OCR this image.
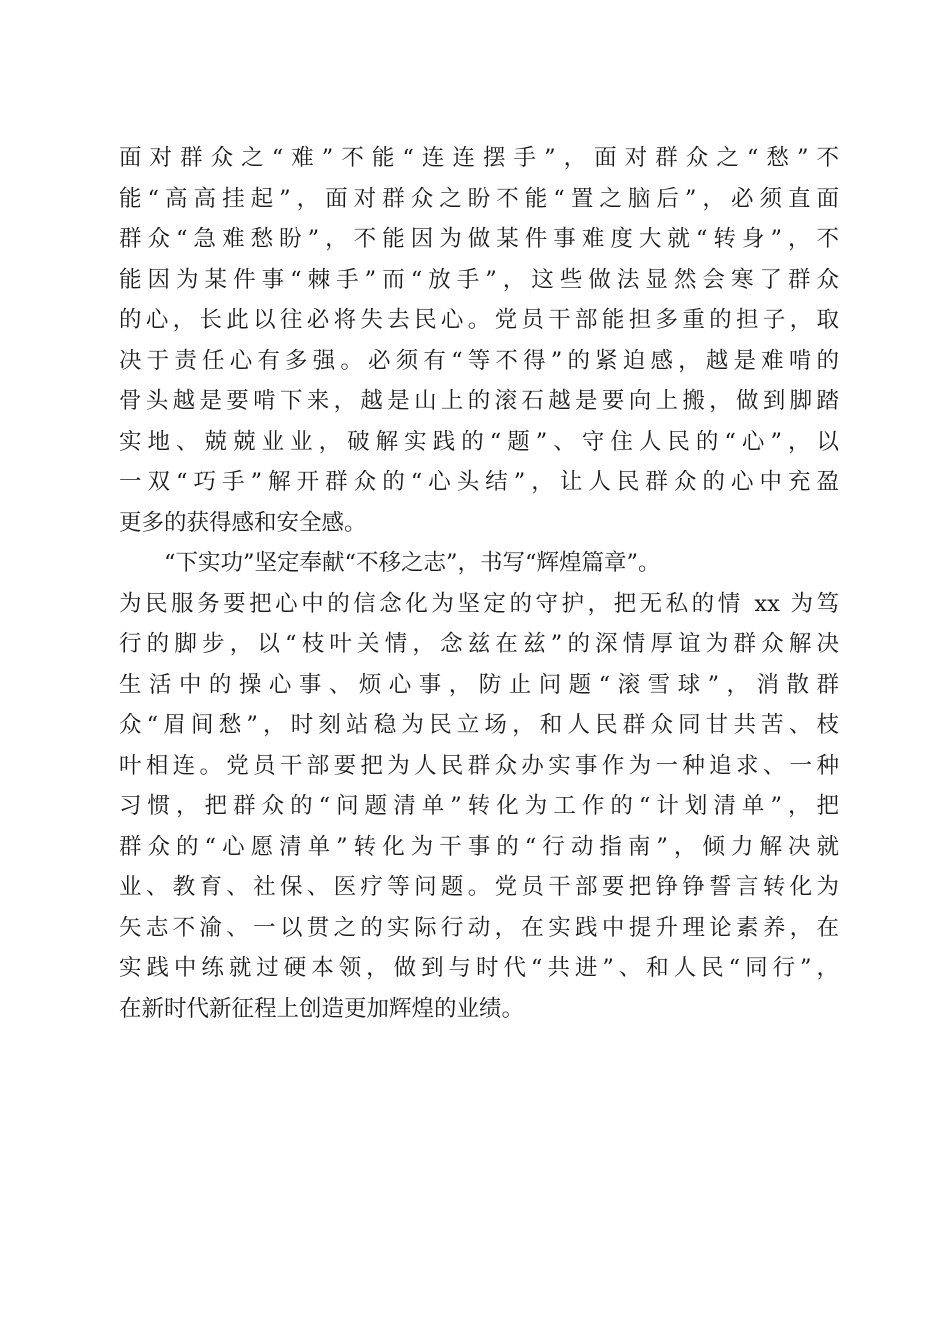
面对群众之“难”不能“连连摆手”，面对群众之“愁”不
能“高高挂起”，面对群众之盼不能“置之脑后”，必须直面
群众“急难愁盼”，不能因为做某件事难度大就“转身”，不
能因为某件事“棘手”而“放手”，这些做法显然会寒了群众
的心，长此以往必将失去民心。党员干部能担多重的担子，取
决于责任心有多强。必须有“等不得”的紧迫感，越是难啃的
骨头越是要啃下来，越是山上的滚石越是要向上搬，做到脚踏
实地、兢兢业业，破解实践的“题”、守住人民的“心”，以
一双“巧手”解开群众的“心头结”，让人民群众的心中充盈
更多的获得感和安全感。
“下实功”坚定奉献“不移之志”，书写“辉煌篇章”。
为民服务要把心中的信念化为坚定的守护，把无私的情 xx 为笃
行的脚步，以“枝叶关情，念兹在兹”的深情厚谊为群众解决
生活中的操心事、烦心事，防止问题“滚雪球”，消散群
众“眉间愁”，时刻站稳为民立场，和人民群众同甘共苦、枝
叶相连。党员干部要把为人民群众办实事作为一种追求、一种
习惯，把群众的“问题清单”转化为工作的“计划清单”，把
群众的“心愿清单”转化为干事的“行动指南”，倾力解决就
业、教育、社保、医疗等问题。党员干部要把铮铮誓言转化为
矢志不渝、一以贯之的实际行动，在实践中提升理论素养，在
实践中练就过硬本领，做到与时代“共进”、和人民“同行”，
在新时代新征程上创造更加辉煌的业绩。
